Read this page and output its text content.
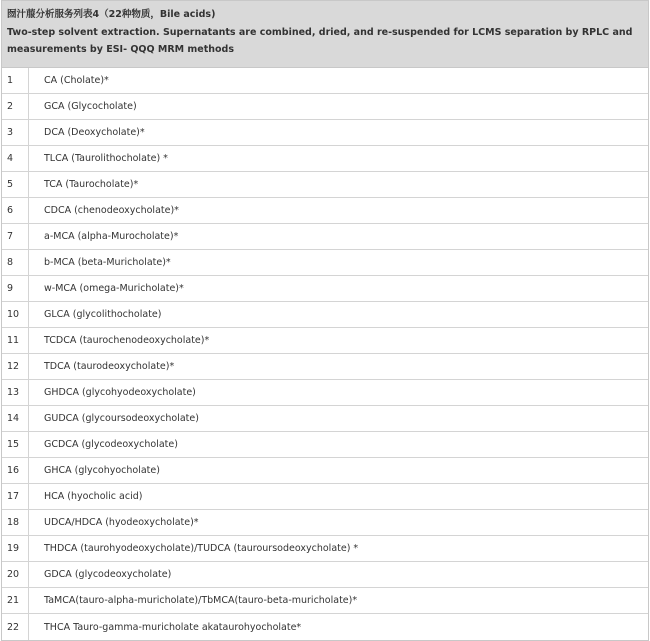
囫汁菔分析服务列表4（22种物质，Bile acids)
Two-step solvent extraction. Supernatants are combined, dried, and re-suspended for LCMS separation by RPLC and measurements by ESI- QQQ MRM methods
1	CA (Cholate)*
2	GCA (Glycocholate)
3	DCA (Deoxycholate)*
4	TLCA (Taurolithocholate) *
5	TCA (Taurocholate)*
6	CDCA (chenodeoxycholate)*
7	a-MCA (alpha-Murocholate)*
8	b-MCA (beta-Muricholate)*
9	w-MCA (omega-Muricholate)*
10	GLCA (glycolithocholate)
11	TCDCA (taurochenodeoxycholate)*
12	TDCA (taurodeoxycholate)*
13	GHDCA (glycohyodeoxycholate)
14	GUDCA (glycoursodeoxycholate)
15	GCDCA (glycodeoxycholate)
16	GHCA (glycohyocholate)
17	HCA (hyocholic acid)
18	UDCA/HDCA (hyodeoxycholate)*
19	THDCA (taurohyodeoxycholate)/TUDCA (tauroursodeoxycholate) *
20	GDCA (glycodeoxycholate)
21	TaMCA(tauro-alpha-muricholate)/TbMCA(tauro-beta-muricholate)*
22	THCA Tauro-gamma-muricholate akataurohyocholate*
